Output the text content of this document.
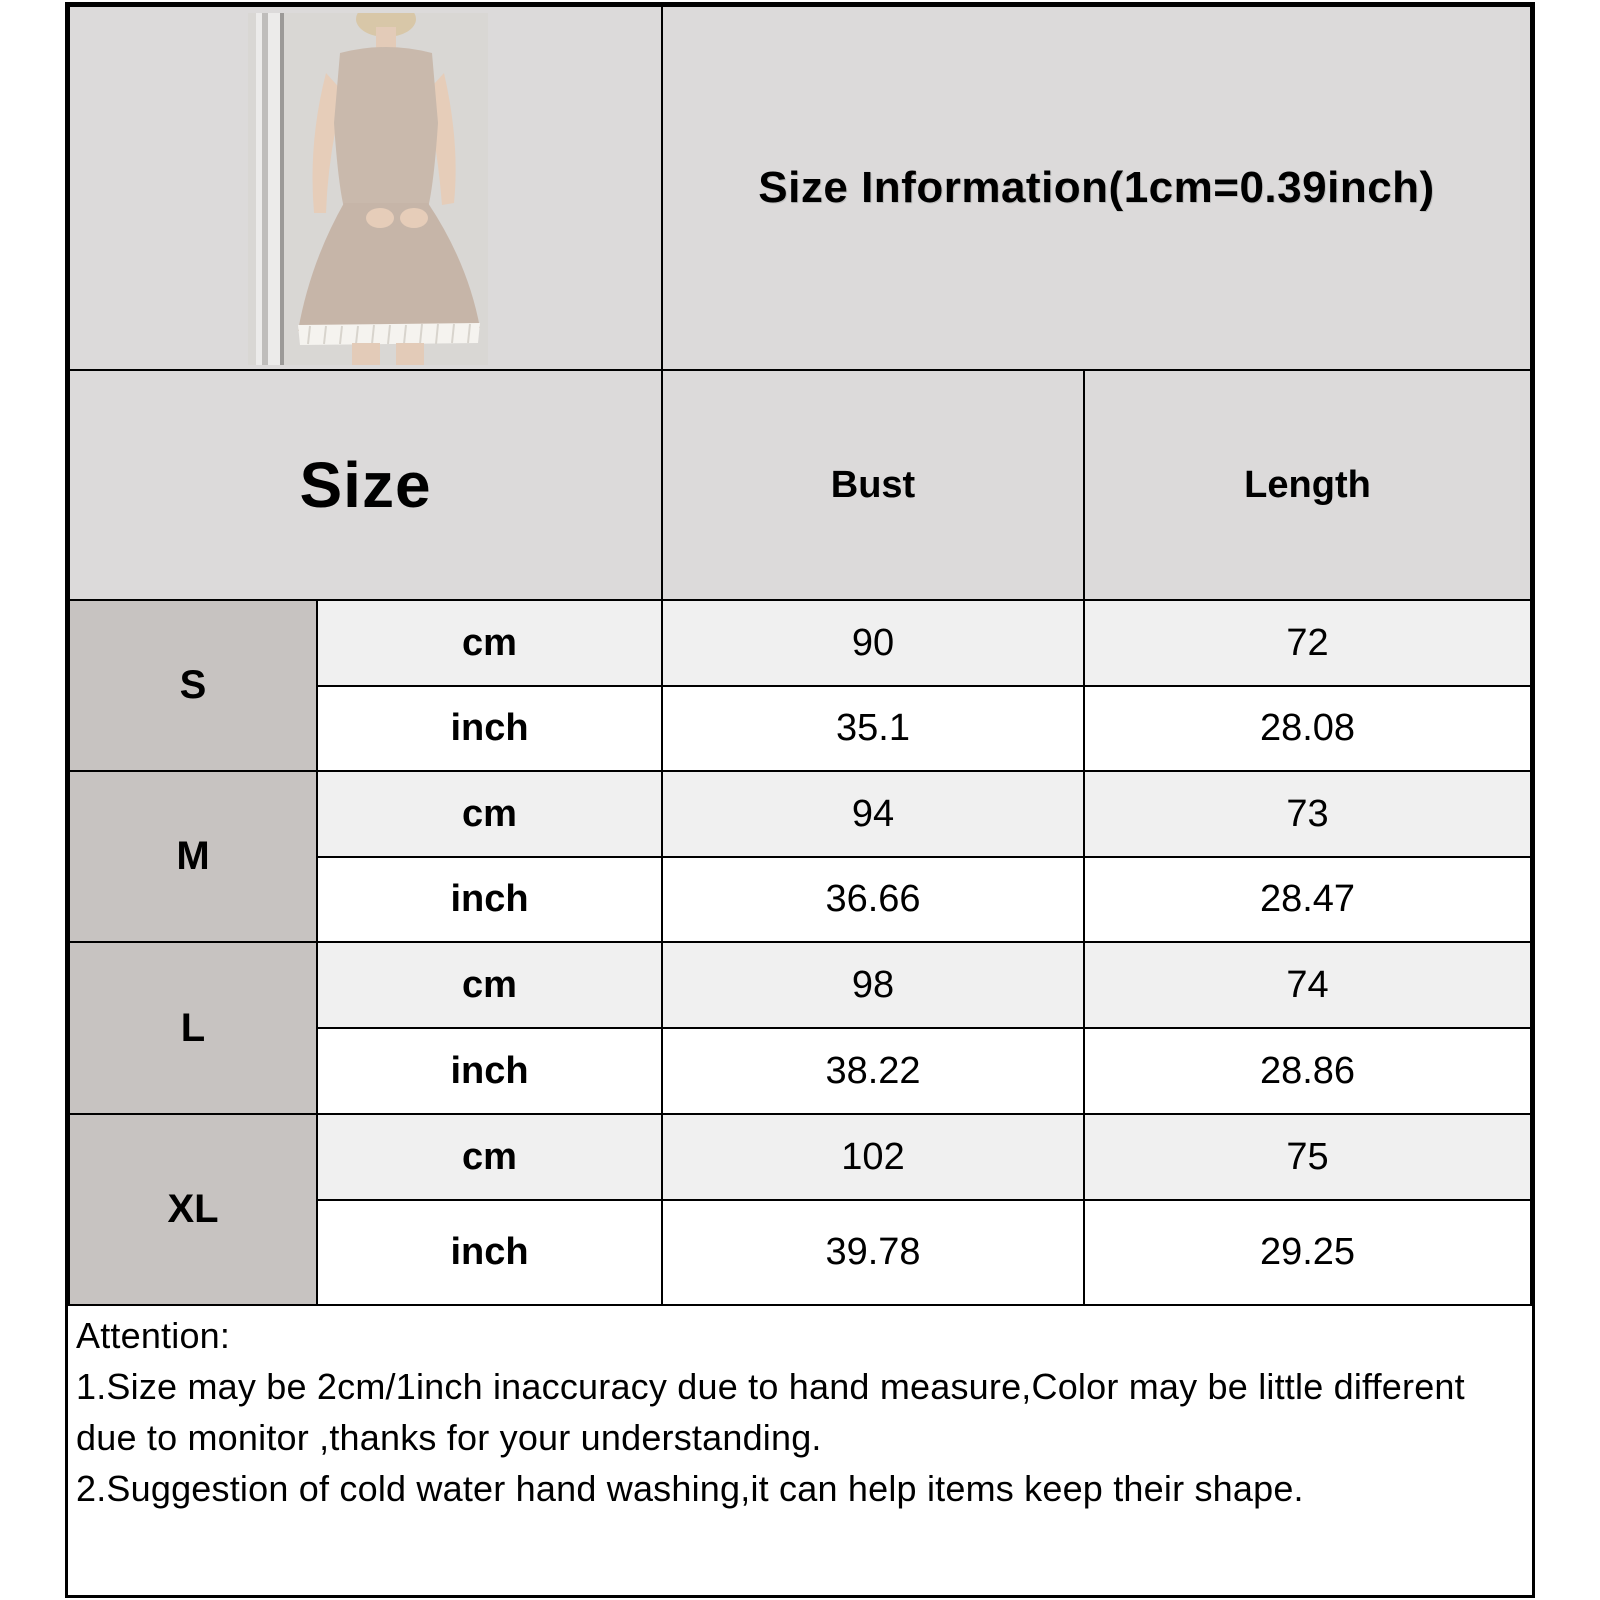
Size Information(1cm=0.39inch)
Size	Bust	Length
S
cm	90	72
inch	35.1	28.08
M
cm	94	73
inch	36.66	28.47
L
cm	98	74
inch	38.22	28.86
XL
cm	102	75
inch	39.78	29.25

Attention:

1.Size may be 2cm/1inch inaccuracy due to hand measure,Color may be little different due to monitor ,thanks for your understanding.

2.Suggestion of cold water hand washing,it can help items keep their shape.
